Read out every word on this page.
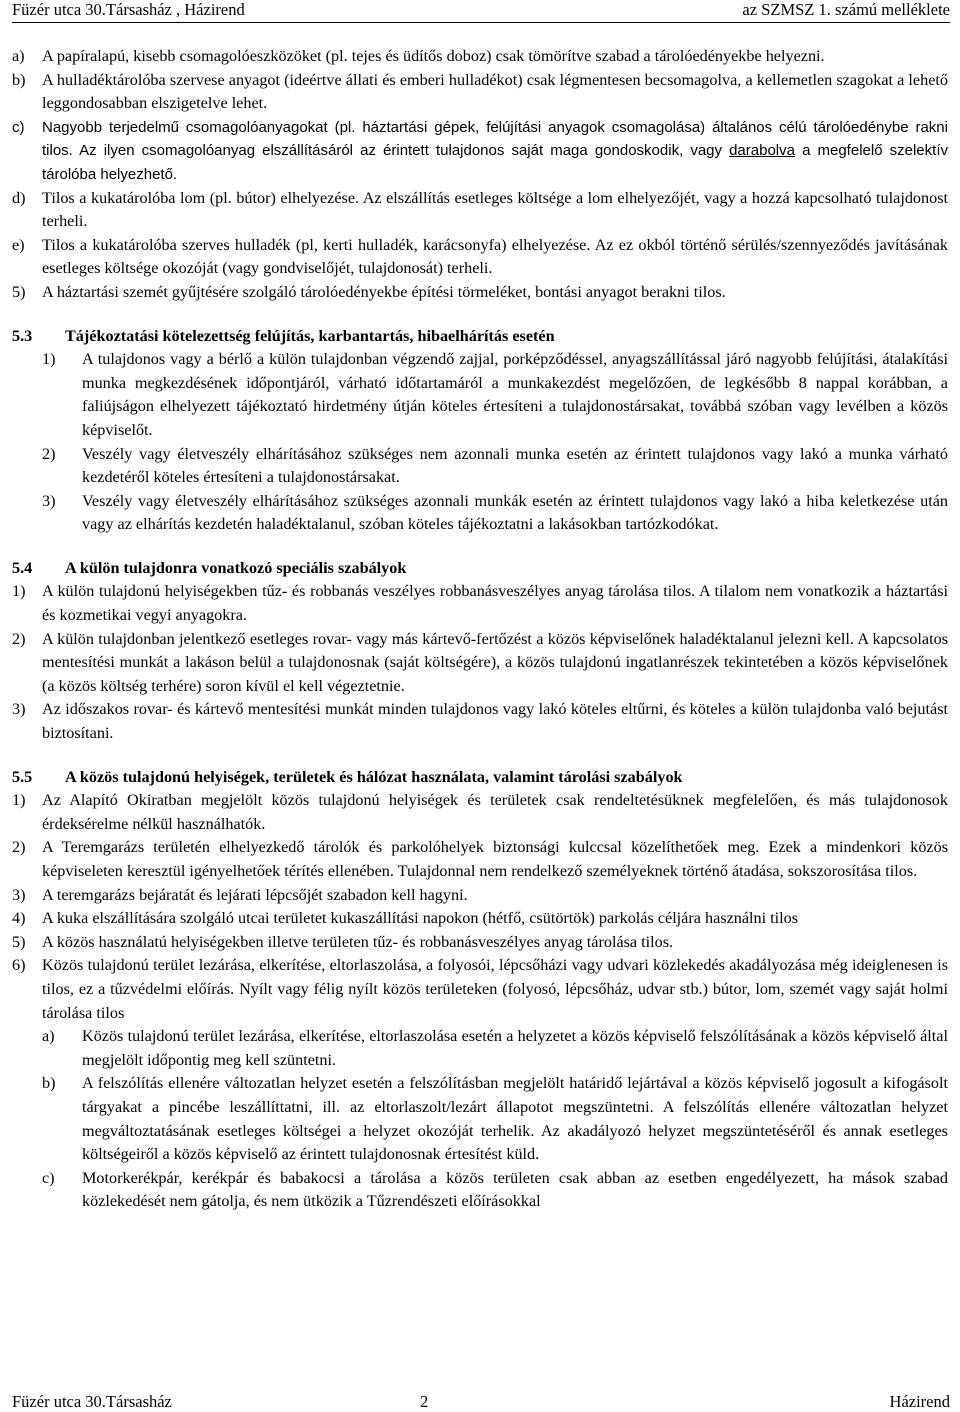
Füzér utca 30.Társasház , Házirend	az SZMSZ 1. számú melléklete
a) A papíralapú, kisebb csomagolóeszközöket (pl. tejes és üdítős doboz) csak tömörítve szabad a tárolóedényekbe helyezni.
b) A hulladéktárolóba szervese anyagot (ideértve állati és emberi hulladékot) csak légmentesen becsomagolva, a kellemetlen szagokat a lehető leggondosabban elszigetelve lehet.
c) Nagyobb terjedelmű csomagolóanyagokat (pl. háztartási gépek, felújítási anyagok csomagolása) általános célú tárolóedénybe rakni tilos. Az ilyen csomagolóanyag elszállításáról az érintett tulajdonos saját maga gondoskodik, vagy darabolva a megfelelő szelektív tárolóba helyezhető.
d) Tilos a kukatárolóba lom (pl. bútor) elhelyezése. Az elszállítás esetleges költsége a lom elhelyezőjét, vagy a hozzá kapcsolható tulajdonost terheli.
e) Tilos a kukatárolóba szerves hulladék (pl, kerti hulladék, karácsonyfa) elhelyezése. Az ez okból történő sérülés/szennyeződés javításának esetleges költsége okozóját (vagy gondviselőjét, tulajdonosát) terheli.
5) A háztartási szemét gyűjtésére szolgáló tárolóedényekbe építési törmeléket, bontási anyagot berakni tilos.
5.3 Tájékoztatási kötelezettség felújítás, karbantartás, hibaelhárítás esetén
1) A tulajdonos vagy a bérlő a külön tulajdonban végzendő zajjal, porképződéssel, anyagszállítással járó nagyobb felújítási, átalakítási munka megkezdésének időpontjáról, várható időtartamáról a munkakezdést megelőzően, de legkésőbb 8 nappal korábban, a faliújságon elhelyezett tájékoztató hirdetmény útján köteles értesíteni a tulajdonostársakat, továbbá szóban vagy levélben a közös képviselőt.
2) Veszély vagy életveszély elhárításához szükséges nem azonnali munka esetén az érintett tulajdonos vagy lakó a munka várható kezdetéről köteles értesíteni a tulajdonostársakat.
3) Veszély vagy életveszély elhárításához szükséges azonnali munkák esetén az érintett tulajdonos vagy lakó a hiba keletkezése után vagy az elhárítás kezdetén haladéktalanul, szóban köteles tájékoztatni a lakásokban tartózkodókat.
5.4 A külön tulajdonra vonatkozó speciális szabályok
1) A külön tulajdonú helyiségekben tűz- és robbanás veszélyes robbanásveszélyes anyag tárolása tilos. A tilalom nem vonatkozik a háztartási és kozmetikai vegyi anyagokra.
2) A külön tulajdonban jelentkező esetleges rovar- vagy más kártevő-fertőzést a közös képviselőnek haladéktalanul jelezni kell. A kapcsolatos mentesítési munkát a lakáson belül a tulajdonosnak (saját költségére), a közös tulajdonú ingatlanrészek tekintetében a közös képviselőnek (a közös költség terhére) soron kívül el kell végeztetnie.
3) Az időszakos rovar- és kártevő mentesítési munkát minden tulajdonos vagy lakó köteles eltűrni, és köteles a külön tulajdonba való bejutást biztosítani.
5.5 A közös tulajdonú helyiségek, területek és hálózat használata, valamint tárolási szabályok
1) Az Alapító Okiratban megjelölt közös tulajdonú helyiségek és területek csak rendeltetésüknek megfelelően, és más tulajdonosok érdeksérelme nélkül használhatók.
2) A Teremgarázs területén elhelyezkedő tárolók és parkolóhelyek biztonsági kulccsal közelíthetőek meg. Ezek a mindenkori közös képviseleten keresztül igényelhetőek térítés ellenében. Tulajdonnal nem rendelkező személyeknek történő átadása, sokszorosítása tilos.
3) A teremgarázs bejáratát és lejárati lépcsőjét szabadon kell hagyni.
4) A kuka elszállítására szolgáló utcai területet kukaszállítási napokon (hétfő, csütörtök) parkolás céljára használni tilos
5) A közös használatú helyiségekben illetve területen tűz- és robbanásveszélyes anyag tárolása tilos.
6) Közös tulajdonú terület lezárása, elkerítése, eltorlaszolása, a folyosói, lépcsőházi vagy udvari közlekedés akadályozása még ideiglenesen is tilos, ez a tűzvédelmi előírás. Nyílt vagy félig nyílt közös területeken (folyosó, lépcsőház, udvar stb.) bútor, lom, szemét vagy saját holmi tárolása tilos
a) Közös tulajdonú terület lezárása, elkerítése, eltorlaszolása esetén a helyzetet a közös képviselő felszólításának a közös képviselő által megjelölt időpontig meg kell szüntetni.
b) A felszólítás ellenére változatlan helyzet esetén a felszólításban megjelölt határidő lejártával a közös képviselő jogosult a kifogásolt tárgyakat a pincébe leszállíttatni, ill. az eltorlaszolt/lezárt állapotot megszüntetni. A felszólítás ellenére változatlan helyzet megváltoztatásának esetleges költségei a helyzet okozóját terhelik. Az akadályozó helyzet megszüntetéséről és annak esetleges költségeiről a közös képviselő az érintett tulajdonosnak értesítést küld.
c) Motorkerékpár, kerékpár és babakocsi a tárolása a közös területen csak abban az esetben engedélyezett, ha mások szabad közlekedését nem gátolja, és nem ütközik a Tűzrendészeti előírásokkal
Füzér utca 30.Társasház	2	Házirend
